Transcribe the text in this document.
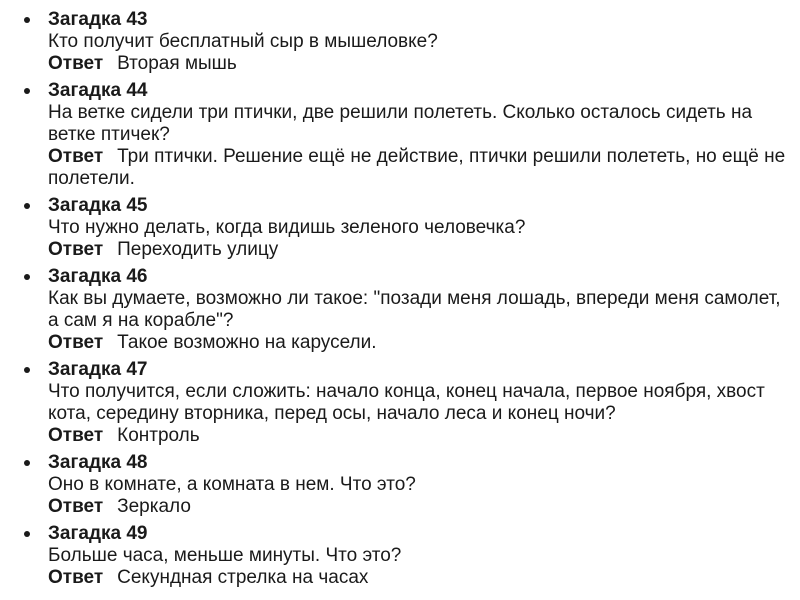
Загадка 43
Кто получит бесплатный сыр в мышеловке?
Ответ Вторая мышь
Загадка 44
На ветке сидели три птички, две решили полететь. Сколько осталось сидеть на ветке птичек?
Ответ Три птички. Решение ещё не действие, птички решили полететь, но ещё не полетели.
Загадка 45
Что нужно делать, когда видишь зеленого человечка?
Ответ Переходить улицу
Загадка 46
Как вы думаете, возможно ли такое: "позади меня лошадь, впереди меня самолет, а сам я на корабле"?
Ответ Такое возможно на карусели.
Загадка 47
Что получится, если сложить: начало конца, конец начала, первое ноября, хвост кота, середину вторника, перед осы, начало леса и конец ночи?
Ответ Контроль
Загадка 48
Оно в комнате, а комната в нем. Что это?
Ответ Зеркало
Загадка 49
Больше часа, меньше минуты. Что это?
Ответ Секундная стрелка на часах
